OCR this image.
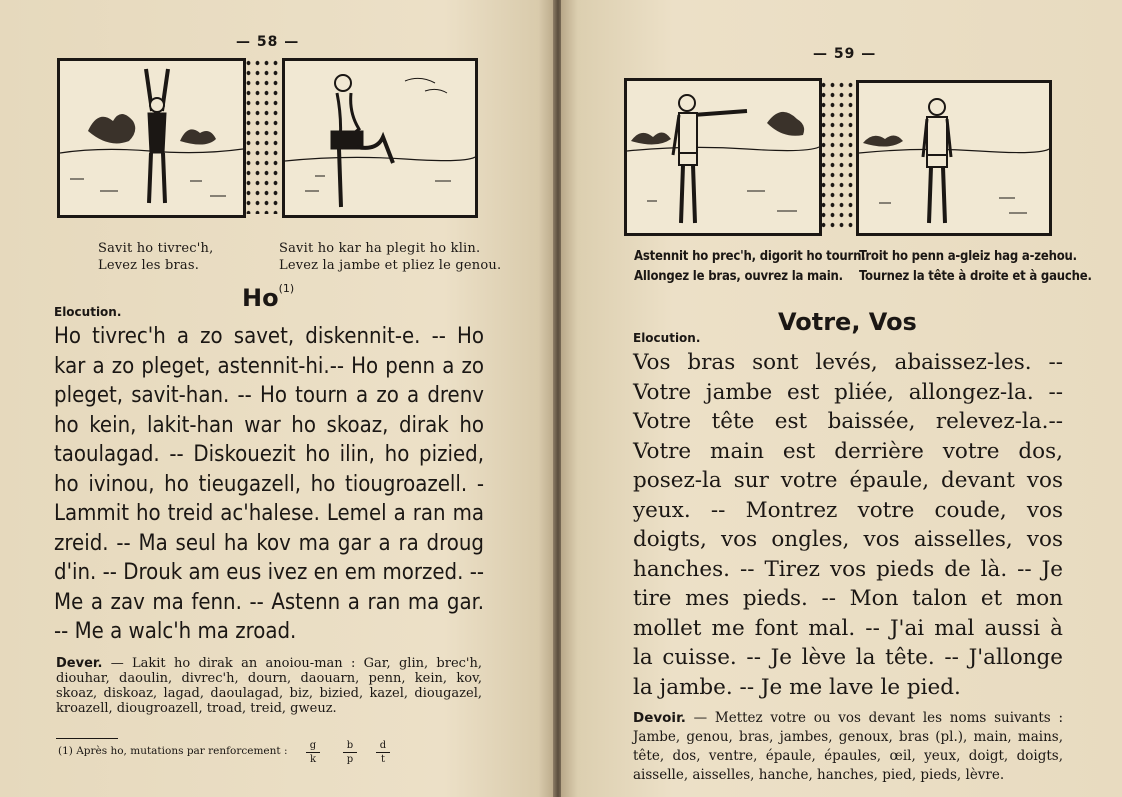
— 58 —
Savit ho tivrec'h,
Levez les bras.
Savit ho kar ha plegit ho klin.
Levez la jambe et pliez le genou.
Ho$^{(1)}$
Elocution.
Ho tivrec'h a zo savet, diskennit-e. -- Ho kar a zo pleget, astennit-hi.-- Ho penn a zo pleget, savit-han. -- Ho tourn a zo a drenv ho kein, lakit-han war ho skoaz, dirak ho taoulagad. -- Diskouezit ho ilin, ho pizied, ho ivinou, ho tieugazell, ho tiougroazell. - Lammit ho treid ac'halese. Lemel a ran ma zreid. -- Ma seul ha kov ma gar a ra droug d'in. -- Drouk am eus ivez en em morzed. -- Me a zav ma fenn. -- Astenn a ran ma gar. -- Me a walc'h ma zroad.
Dever. — Lakit ho dirak an anoiou-man : Gar, glin, brec'h, diouhar, daoulin, divrec'h, dourn, daouarn, penn, kein, kov, skoaz, diskoaz, lagad, daoulagad, biz, bizied, kazel, diougazel, kroazell, diougroazell, troad, treid, gweuz.
(1) Après ho, mutations par renforcement :	g
k
b
p
d
t
— 59 —
Astennit ho prec'h, digorit ho tourn.
Allongez le bras, ouvrez la main.
Troit ho penn a-gleiz hag a-zehou.
Tournez la tête à droite et à gauche.
Votre, Vos
Elocution.
Vos bras sont levés, abaissez-les. -- Votre jambe est pliée, allongez-la. -- Votre tête est baissée, relevez-la.-- Votre main est derrière votre dos, posez-la sur votre épaule, devant vos yeux. -- Montrez votre coude, vos doigts, vos ongles, vos aisselles, vos hanches. -- Tirez vos pieds de là. -- Je tire mes pieds. -- Mon talon et mon mollet me font mal. -- J'ai mal aussi à la cuisse. -- Je lève la tête. -- J'allonge la jambe. -- Je me lave le pied.
Devoir. — Mettez votre ou vos devant les noms suivants : Jambe, genou, bras, jambes, genoux, bras (pl.), main, mains, tête, dos, ventre, épaule, épaules, œil, yeux, doigt, doigts, aisselle, aisselles, hanche, hanches, pied, pieds, lèvre.
